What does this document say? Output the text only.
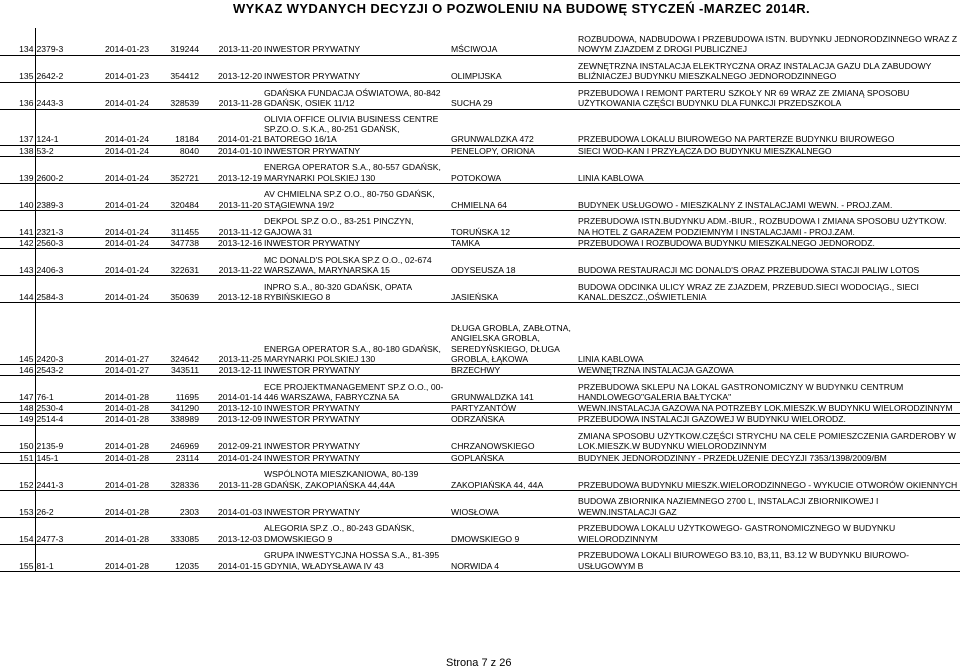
WYKAZ WYDANYCH DECYZJI O POZWOLENIU NA BUDOWĘ STYCZEŃ -MARZEC 2014R.
134	2379-3	2014-01-23	319244	2013-11-20	INWESTOR PRYWATNY	MŚCIWOJA	ROZBUDOWA, NADBUDOWA I PRZEBUDOWA ISTN. BUDYNKU JEDNORODZINNEGO WRAZ Z NOWYM ZJAZDEM Z DROGI PUBLICZNEJ
135	2642-2	2014-01-23	354412	2013-12-20	INWESTOR PRYWATNY	OLIMPIJSKA	ZEWNĘTRZNA INSTALACJA ELEKTRYCZNA ORAZ INSTALACJA GAZU DLA ZABUDOWY BLIŹNIACZEJ BUDYNKU MIESZKALNEGO JEDNORODZINNEGO
136	2443-3	2014-01-24	328539	2013-11-28	GDAŃSKA FUNDACJA OŚWIATOWA, 80-842 GDAŃSK, OSIEK 11/12	SUCHA 29	PRZEBUDOWA I REMONT PARTERU SZKOŁY NR 69 WRAZ ZE ZMIANĄ SPOSOBU UŻYTKOWANIA CZĘŚCI BUDYNKU DLA FUNKCJI PRZEDSZKOLA
137	124-1	2014-01-24	18184	2014-01-21	OLIVIA OFFICE OLIVIA BUSINESS CENTRE SP.ZO.O. S.K.A., 80-251 GDAŃSK, BATOREGO 16/1A	GRUNWALDZKA 472	PRZEBUDOWA LOKALU BIUROWEGO NA PARTERZE BUDYNKU BIUROWEGO
138	53-2	2014-01-24	8040	2014-01-10	INWESTOR PRYWATNY	PENELOPY, ORIONA	SIECI WOD-KAN I PRZYŁĄCZA DO BUDYNKU MIESZKALNEGO
139	2600-2	2014-01-24	352721	2013-12-19	ENERGA OPERATOR S.A., 80-557 GDAŃSK, MARYNARKI POLSKIEJ 130	POTOKOWA	LINIA KABLOWA
140	2389-3	2014-01-24	320484	2013-11-20	AV CHMIELNA SP.Z O.O., 80-750 GDAŃSK, STĄGIEWNA 19/2	CHMIELNA 64	BUDYNEK USŁUGOWO - MIESZKALNY Z INSTALACJAMI WEWN. - PROJ.ZAM.
141	2321-3	2014-01-24	311455	2013-11-12	DEKPOL SP.Z O.O., 83-251 PINCZYN, GAJOWA 31	TORUŃSKA 12	PRZEBUDOWA ISTN.BUDYNKU ADM.-BIUR., ROZBUDOWA I ZMIANA SPOSOBU UŻYTKOW. NA HOTEL Z GARAŻEM PODZIEMNYM I INSTALACJAMI - PROJ.ZAM.
142	2560-3	2014-01-24	347738	2013-12-16	INWESTOR PRYWATNY	TAMKA	PRZEBUDOWA I ROZBUDOWA BUDYNKU MIESZKALNEGO JEDNORODZ.
143	2406-3	2014-01-24	322631	2013-11-22	MC DONALD'S POLSKA SP.Z O.O., 02-674 WARSZAWA, MARYNARSKA 15	ODYSEUSZA 18	BUDOWA RESTAURACJI MC DONALD'S ORAZ PRZEBUDOWA STACJI PALIW LOTOS
144	2584-3	2014-01-24	350639	2013-12-18	INPRO S.A., 80-320 GDAŃSK, OPATA RYBIŃSKIEGO 8	JASIEŃSKA	BUDOWA ODCINKA ULICY WRAZ ZE ZJAZDEM, PRZEBUD.SIECI WODOCIĄG., SIECI KANAL.DESZCZ.,OŚWIETLENIA
145	2420-3	2014-01-27	324642	2013-11-25	ENERGA OPERATOR S.A., 80-180 GDAŃSK, MARYNARKI POLSKIEJ 130	DŁUGA GROBLA, ZABŁOTNA, ANGIELSKA GROBLA, SEREDYŃSKIEGO, DŁUGA GROBLA, ŁĄKOWA	LINIA KABLOWA
146	2543-2	2014-01-27	343511	2013-12-11	INWESTOR PRYWATNY	BRZECHWY	WEWNĘTRZNA INSTALACJA GAZOWA
147	76-1	2014-01-28	11695	2014-01-14	ECE PROJEKTMANAGEMENT SP.Z O.O., 00-446 WARSZAWA, FABRYCZNA 5A	GRUNWALDZKA 141	PRZEBUDOWA SKLEPU NA LOKAL GASTRONOMICZNY W BUDYNKU CENTRUM HANDLOWEGO"GALERIA BAŁTYCKA"
148	2530-4	2014-01-28	341290	2013-12-10	INWESTOR PRYWATNY	PARTYZANTÓW	WEWN.INSTALACJA GAZOWA NA POTRZEBY LOK.MIESZK.W BUDYNKU WIELORODZINNYM
149	2514-4	2014-01-28	338989	2013-12-09	INWESTOR PRYWATNY	ODRZAŃSKA	PRZEBUDOWA INSTALACJI GAZOWEJ W BUDYNKU WIELORODZ.
150	2135-9	2014-01-28	246969	2012-09-21	INWESTOR PRYWATNY	CHRZANOWSKIEGO	ZMIANA SPOSOBU UŻYTKOW.CZĘŚCI STRYCHU NA CELE POMIESZCZENIA GARDEROBY W LOK.MIESZK.W BUDYNKU WIELORODZINNYM
151	145-1	2014-01-28	23114	2014-01-24	INWESTOR PRYWATNY	GOPLAŃSKA	BUDYNEK JEDNORODZINNY - PRZEDŁUŻENIE DECYZJI 7353/1398/2009/BM
152	2441-3	2014-01-28	328336	2013-11-28	WSPÓLNOTA MIESZKANIOWA, 80-139 GDAŃSK, ZAKOPIAŃSKA 44,44A	ZAKOPIAŃSKA 44, 44A	PRZEBUDOWA BUDYNKU MIESZK.WIELORODZINNEGO - WYKUCIE OTWORÓW OKIENNYCH
153	26-2	2014-01-28	2303	2014-01-03	INWESTOR PRYWATNY	WIOSŁOWA	BUDOWA ZBIORNIKA NAZIEMNEGO 2700 L, INSTALACJI ZBIORNIKOWEJ I WEWN.INSTALACJI GAZ
154	2477-3	2014-01-28	333085	2013-12-03	ALEGORIA SP.Z .O., 80-243 GDAŃSK, DMOWSKIEGO 9	DMOWSKIEGO 9	PRZEBUDOWA LOKALU UŻYTKOWEGO- GASTRONOMICZNEGO W BUDYNKU WIELORODZINNYM
155	81-1	2014-01-28	12035	2014-01-15	GRUPA INWESTYCJNA HOSSA S.A., 81-395 GDYNIA, WŁADYSŁAWA IV 43	NORWIDA 4	PRZEBUDOWA LOKALI BIUROWEGO B3.10, B3,11, B3.12 W BUDYNKU BIUROWO-USŁUGOWYM B
Strona 7 z 26
